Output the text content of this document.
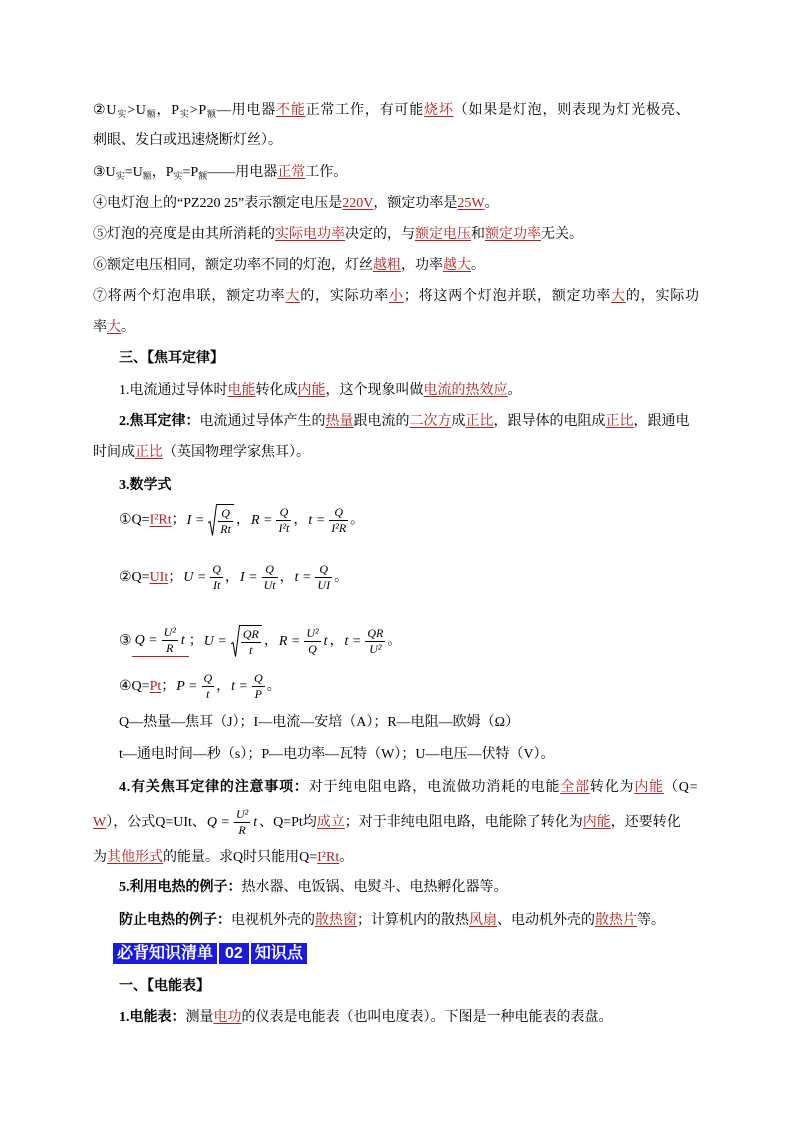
$②U_实>U_额$，$P_实>P_额—$用电器不能正常工作，有可能烧坏（如果是灯泡，则表现为灯光极亮、
刺眼、发白或迅速烧断灯丝）。
$③U_实=U_额$，$P_实=P_额——$用电器正常工作。
④电灯泡上的“PZ220 25”表示额定电压是220V，额定功率是25W。
⑤灯泡的亮度是由其所消耗的实际电功率决定的，与额定电压和额定功率无关。
⑥额定电压相同，额定功率不同的灯泡，灯丝越粗，功率越大。
⑦将两个灯泡串联，额定功率大的，实际功率小；将这两个灯泡并联，额定功率大的，实际功
率大。
三、【焦耳定律】
1.电流通过导体时电能转化成内能，这个现象叫做电流的热效应。
2.焦耳定律：电流通过导体产生的热量跟电流的二次方成正比，跟导体的电阻成正比，跟通电
时间成正比（英国物理学家焦耳）。
3.数学式
①Q=I²Rt；$I = \frac{Q}{Rt}$ ，$R = \frac{Q}{\text{I²t}}$ ，$t = \frac{Q}{\text{I²R}}$ 。
②Q=UIt；$U = \frac{Q}{It}$ ，$I = \frac{Q}{Ut}$ ，$t = \frac{Q}{UI}$ 。
③ $Q = \frac{\text{U²}}{R}$ t ；$U = \frac{QR}{t}$ ，$R = \frac{\text{U²}}{Q}$ t ，$t = \frac{QR}{\text{U²}}$ 。
④Q=Pt；$P = \frac{Q}{t}$ ，$t = \frac{Q}{P}$ 。
Q—热量—焦耳（J）；I—电流—安培（A）；R—电阻—欧姆（Ω）
t—通电时间—秒（s）；P—电功率—瓦特（W）；U—电压—伏特（V）。
4.有关焦耳定律的注意事项：对于纯电阻电路，电流做功消耗的电能全部转化为内能（Q=
W），公式Q=UIt、$Q = \frac{\text{U²}}{R}$ t 、Q=Pt均成立；对于非纯电阻电路，电能除了转化为内能，还要转化
为其他形式的能量。求Q时只能用Q=I²Rt。
5.利用电热的例子：热水器、电饭锅、电熨斗、电热孵化器等。
防止电热的例子：电视机外壳的散热窗；计算机内的散热风扇、电动机外壳的散热片等。
必背知识清单 02 知识点
一、【电能表】
1.电能表：测量电功的仪表是电能表（也叫电度表）。下图是一种电能表的表盘。
